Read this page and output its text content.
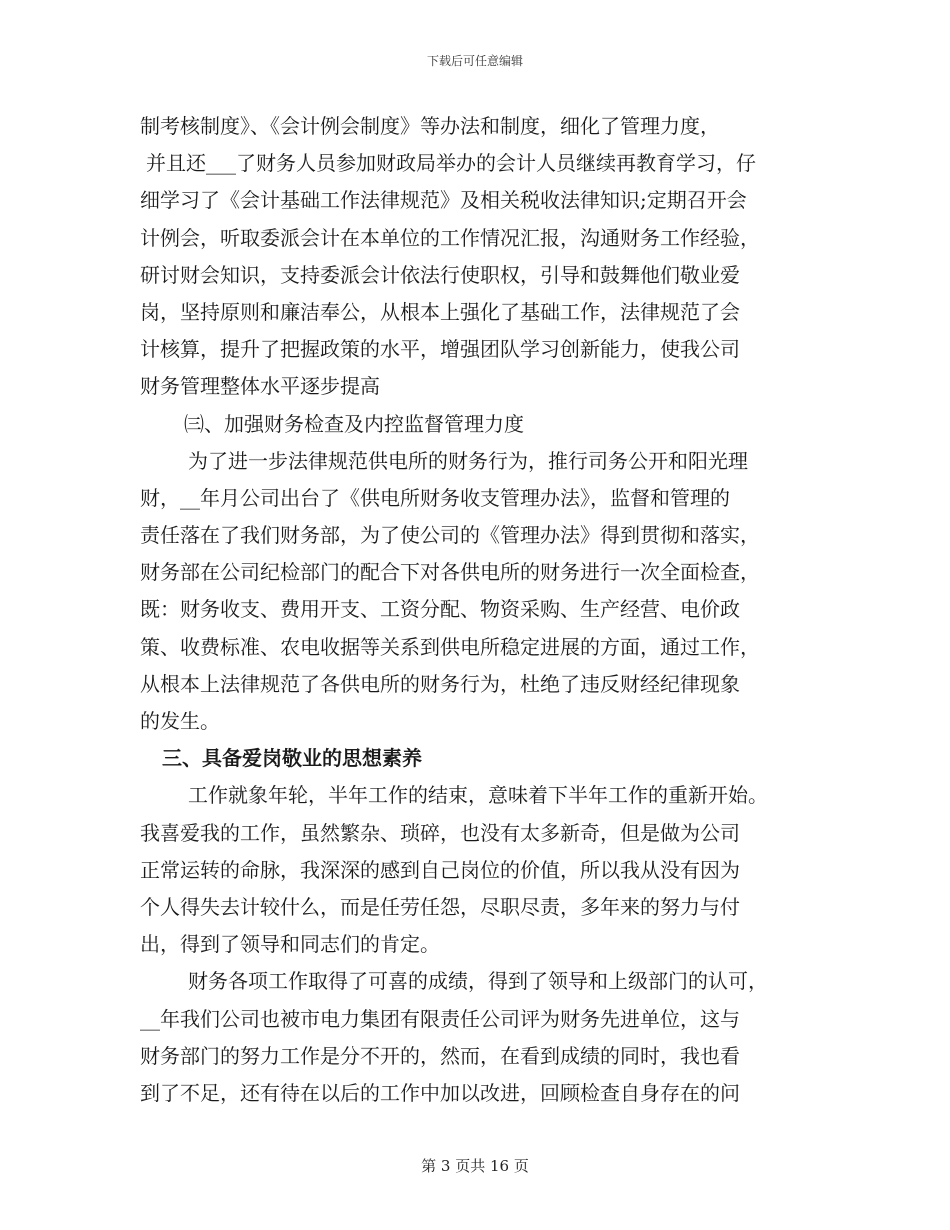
下载后可任意编辑
制考核制度》、《会计例会制度》等办法和制度，细化了管理力度，
并且还___了财务人员参加财政局举办的会计人员继续再教育学习，仔
细学习了《会计基础工作法律规范》及相关税收法律知识;定期召开会
计例会，听取委派会计在本单位的工作情况汇报，沟通财务工作经验，
研讨财会知识，支持委派会计依法行使职权，引导和鼓舞他们敬业爱
岗，坚持原则和廉洁奉公，从根本上强化了基础工作，法律规范了会
计核算，提升了把握政策的水平，增强团队学习创新能力，使我公司
财务管理整体水平逐步提高
㈢、加强财务检查及内控监督管理力度
为了进一步法律规范供电所的财务行为，推行司务公开和阳光理
财，__年月公司出台了《供电所财务收支管理办法》，监督和管理的
责任落在了我们财务部，为了使公司的《管理办法》得到贯彻和落实，
财务部在公司纪检部门的配合下对各供电所的财务进行一次全面检查，
既：财务收支、费用开支、工资分配、物资采购、生产经营、电价政
策、收费标准、农电收据等关系到供电所稳定进展的方面，通过工作，
从根本上法律规范了各供电所的财务行为，杜绝了违反财经纪律现象
的发生。
三、具备爱岗敬业的思想素养
工作就象年轮，半年工作的结束，意味着下半年工作的重新开始。
我喜爱我的工作，虽然繁杂、琐碎，也没有太多新奇，但是做为公司
正常运转的命脉，我深深的感到自己岗位的价值，所以我从没有因为
个人得失去计较什么，而是任劳任怨，尽职尽责，多年来的努力与付
出，得到了领导和同志们的肯定。
财务各项工作取得了可喜的成绩，得到了领导和上级部门的认可，
__年我们公司也被市电力集团有限责任公司评为财务先进单位，这与
财务部门的努力工作是分不开的，然而，在看到成绩的同时，我也看
到了不足，还有待在以后的工作中加以改进，回顾检查自身存在的问
第 3 页共 16 页
